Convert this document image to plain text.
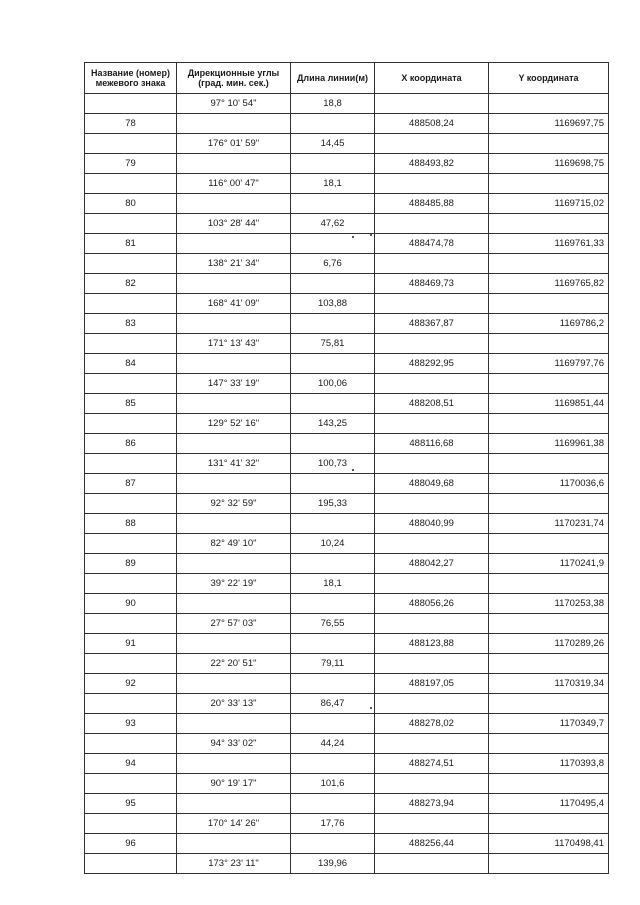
Название (номер) межевого знака	Дирекционные углы (град. мин. сек.)	Длина линии(м)	X координата	Y координата
	97° 10' 54"	18,8		
78			488508,24	1169697,75
	176° 01' 59"	14,45		
79			488493,82	1169698,75
	116° 00' 47"	18,1		
80			488485,88	1169715,02
	103° 28' 44"	47,62		
81			488474,78	1169761,33
	138° 21' 34"	6,76		
82			488469,73	1169765,82
	168° 41' 09"	103,88		
83			488367,87	1169786,2
	171° 13' 43"	75,81		
84			488292,95	1169797,76
	147° 33' 19"	100,06		
85			488208,51	1169851,44
	129° 52' 16"	143,25		
86			488116,68	1169961,38
	131° 41' 32"	100,73		
87			488049,68	1170036,6
	92° 32' 59"	195,33		
88			488040,99	1170231,74
	82° 49' 10"	10,24		
89			488042,27	1170241,9
	39° 22' 19"	18,1		
90			488056,26	1170253,38
	27° 57' 03"	76,55		
91			488123,88	1170289,26
	22° 20' 51"	79,11		
92			488197,05	1170319,34
	20° 33' 13"	86,47		
93			488278,02	1170349,7
	94° 33' 02"	44,24		
94			488274,51	1170393,8
	90° 19' 17"	101,6		
95			488273,94	1170495,4
	170° 14' 26"	17,76		
96			488256,44	1170498,41
	173° 23' 11"	139,96		
